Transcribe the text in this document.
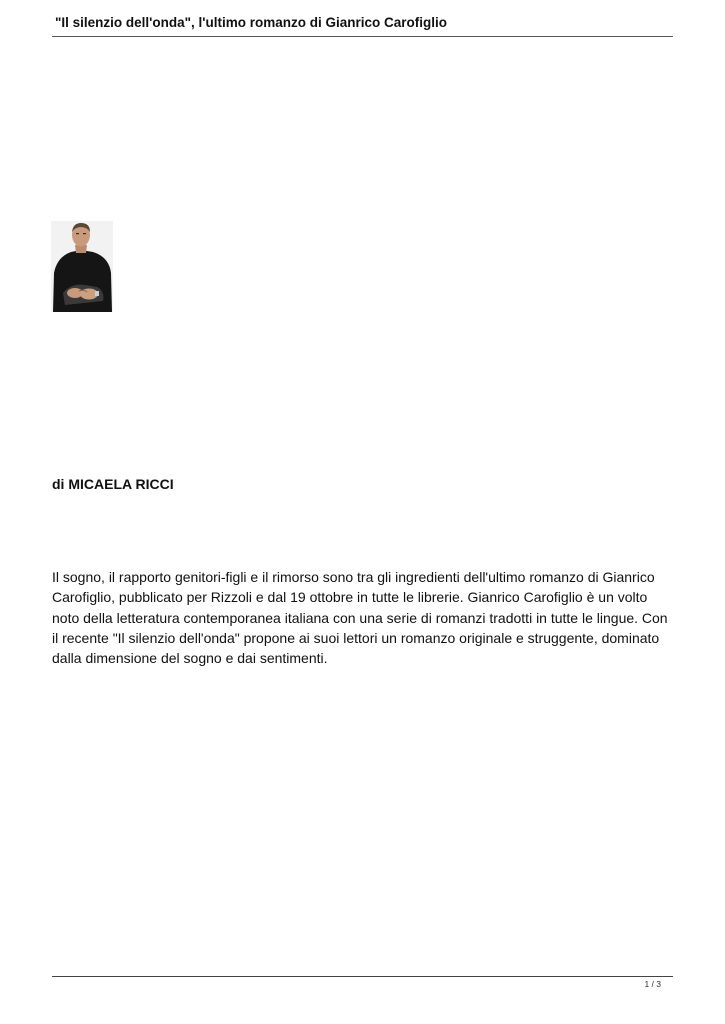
"Il silenzio dell'onda", l'ultimo romanzo di Gianrico Carofiglio
di MICAELA RICCI

Il sogno, il rapporto genitori-figli e il rimorso sono tra gli ingredienti dell'ultimo romanzo di Gianrico Carofiglio, pubblicato per Rizzoli e dal 19 ottobre in tutte le librerie. Gianrico Carofiglio è un volto noto della letteratura contemporanea italiana con una serie di romanzi tradotti in tutte le lingue. Con il recente "Il silenzio dell'onda" propone ai suoi lettori un romanzo originale e struggente, dominato dalla dimensione del sogno e dai sentimenti.

1 / 3
